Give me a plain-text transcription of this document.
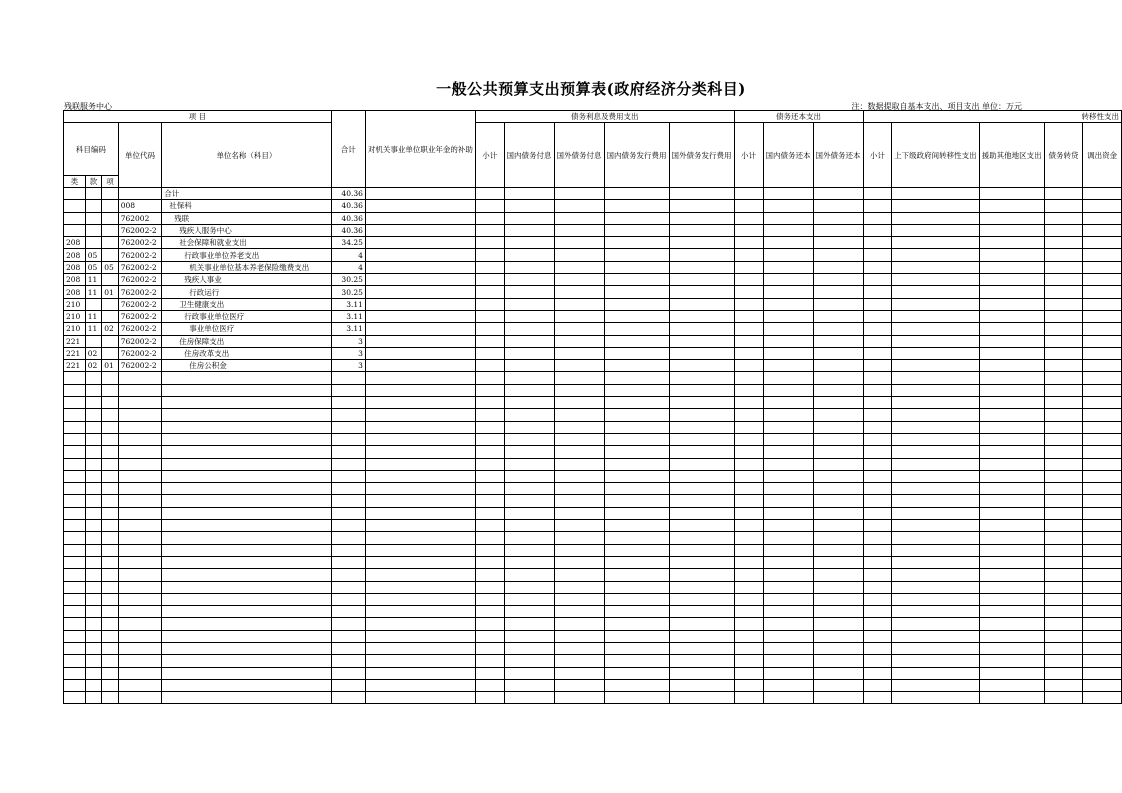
一般公共预算支出预算表(政府经济分类科目)
残联服务中心	注：数据提取自基本支出、项目支出 单位：万元
项 目					合计	对机关事业单位职业年金的补助	债务利息及费用支出					债务还本支出			转移性支出				
科目编码			单位代码	单位名称（科目）			小计	国内债务付息	国外债务付息	国内债务发行费用	国外债务发行费用	小计	国内债务还本	国外债务还本	小计	上下级政府间转移性支出	援助其他地区支出	债务转贷	调出资金
类	款	项																	
				合计	40.36														
			008	社保科	40.36														
			762002	残联	40.36														
			762002-2	残疾人服务中心	40.36														
208			762002-2	社会保障和就业支出	34.25														
208	05		762002-2	行政事业单位养老支出	4														
208	05	05	762002-2	机关事业单位基本养老保险缴费支出	4														
208	11		762002-2	残疾人事业	30.25														
208	11	01	762002-2	行政运行	30.25														
210			762002-2	卫生健康支出	3.11														
210	11		762002-2	行政事业单位医疗	3.11														
210	11	02	762002-2	事业单位医疗	3.11														
221			762002-2	住房保障支出	3														
221	02		762002-2	住房改革支出	3														
221	02	01	762002-2	住房公积金	3														
